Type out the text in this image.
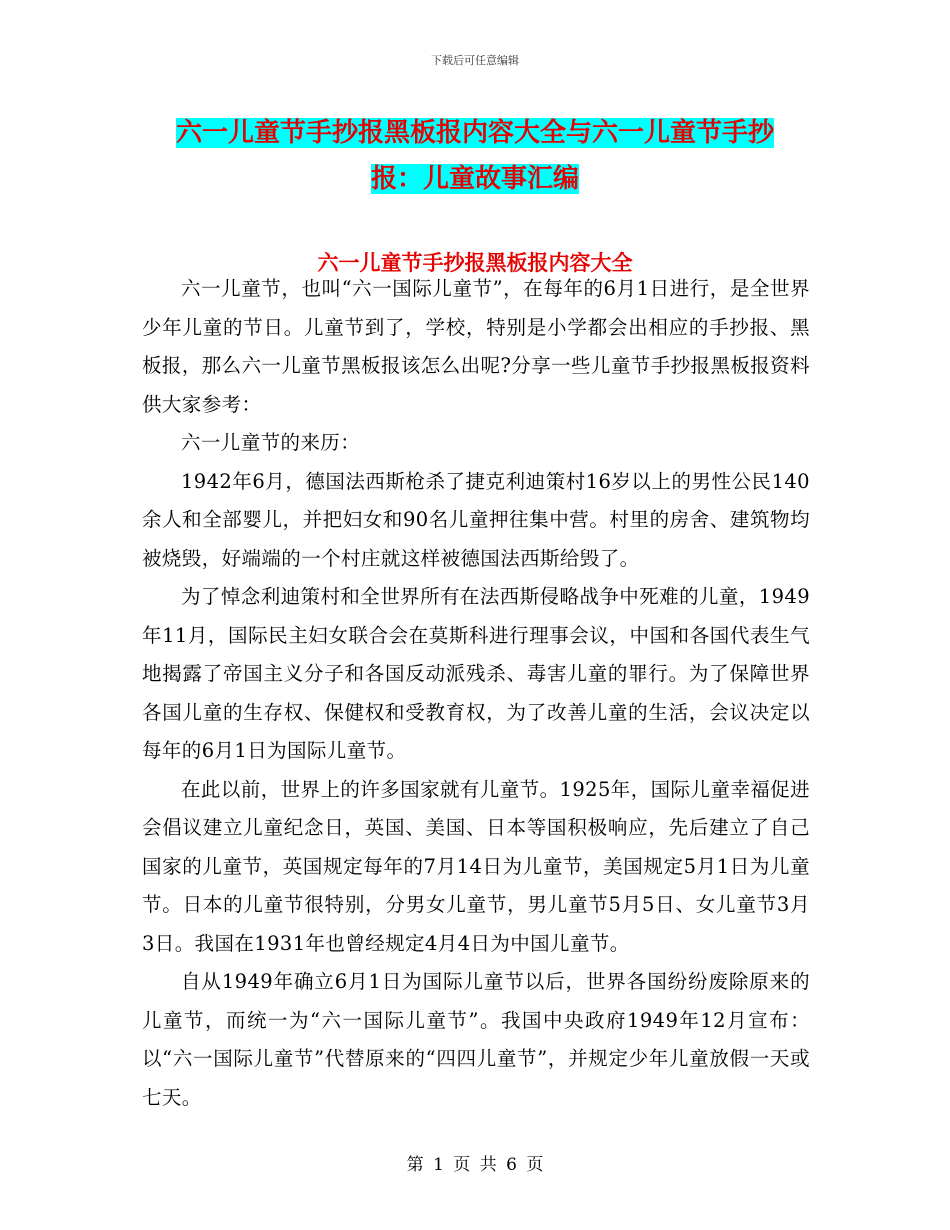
下载后可任意编辑
六一儿童节手抄报黑板报内容大全与六一儿童节手抄
报：儿童故事汇编
六一儿童节手抄报黑板报内容大全

六一儿童节，也叫“六一国际儿童节”，在每年的6月1日进行，是全世界少年儿童的节日。儿童节到了，学校，特别是小学都会出相应的手抄报、黑板报，那么六一儿童节黑板报该怎么出呢?分享一些儿童节手抄报黑板报资料供大家参考：

六一儿童节的来历：

1942年6月，德国法西斯枪杀了捷克利迪策村16岁以上的男性公民140余人和全部婴儿，并把妇女和90名儿童押往集中营。村里的房舍、建筑物均被烧毁，好端端的一个村庄就这样被德国法西斯给毁了。

为了悼念利迪策村和全世界所有在法西斯侵略战争中死难的儿童，1949年11月，国际民主妇女联合会在莫斯科进行理事会议，中国和各国代表生气地揭露了帝国主义分子和各国反动派残杀、毒害儿童的罪行。为了保障世界各国儿童的生存权、保健权和受教育权，为了改善儿童的生活，会议决定以每年的6月1日为国际儿童节。

在此以前，世界上的许多国家就有儿童节。1925年，国际儿童幸福促进会倡议建立儿童纪念日，英国、美国、日本等国积极响应，先后建立了自己国家的儿童节，英国规定每年的7月14日为儿童节，美国规定5月1日为儿童节。日本的儿童节很特别，分男女儿童节，男儿童节5月5日、女儿童节3月3日。我国在1931年也曾经规定4月4日为中国儿童节。

自从1949年确立6月1日为国际儿童节以后，世界各国纷纷废除原来的儿童节，而统一为“六一国际儿童节”。我国中央政府1949年12月宣布：以“六一国际儿童节”代替原来的“四四儿童节”，并规定少年儿童放假一天或七天。

第 1 页 共 6 页
